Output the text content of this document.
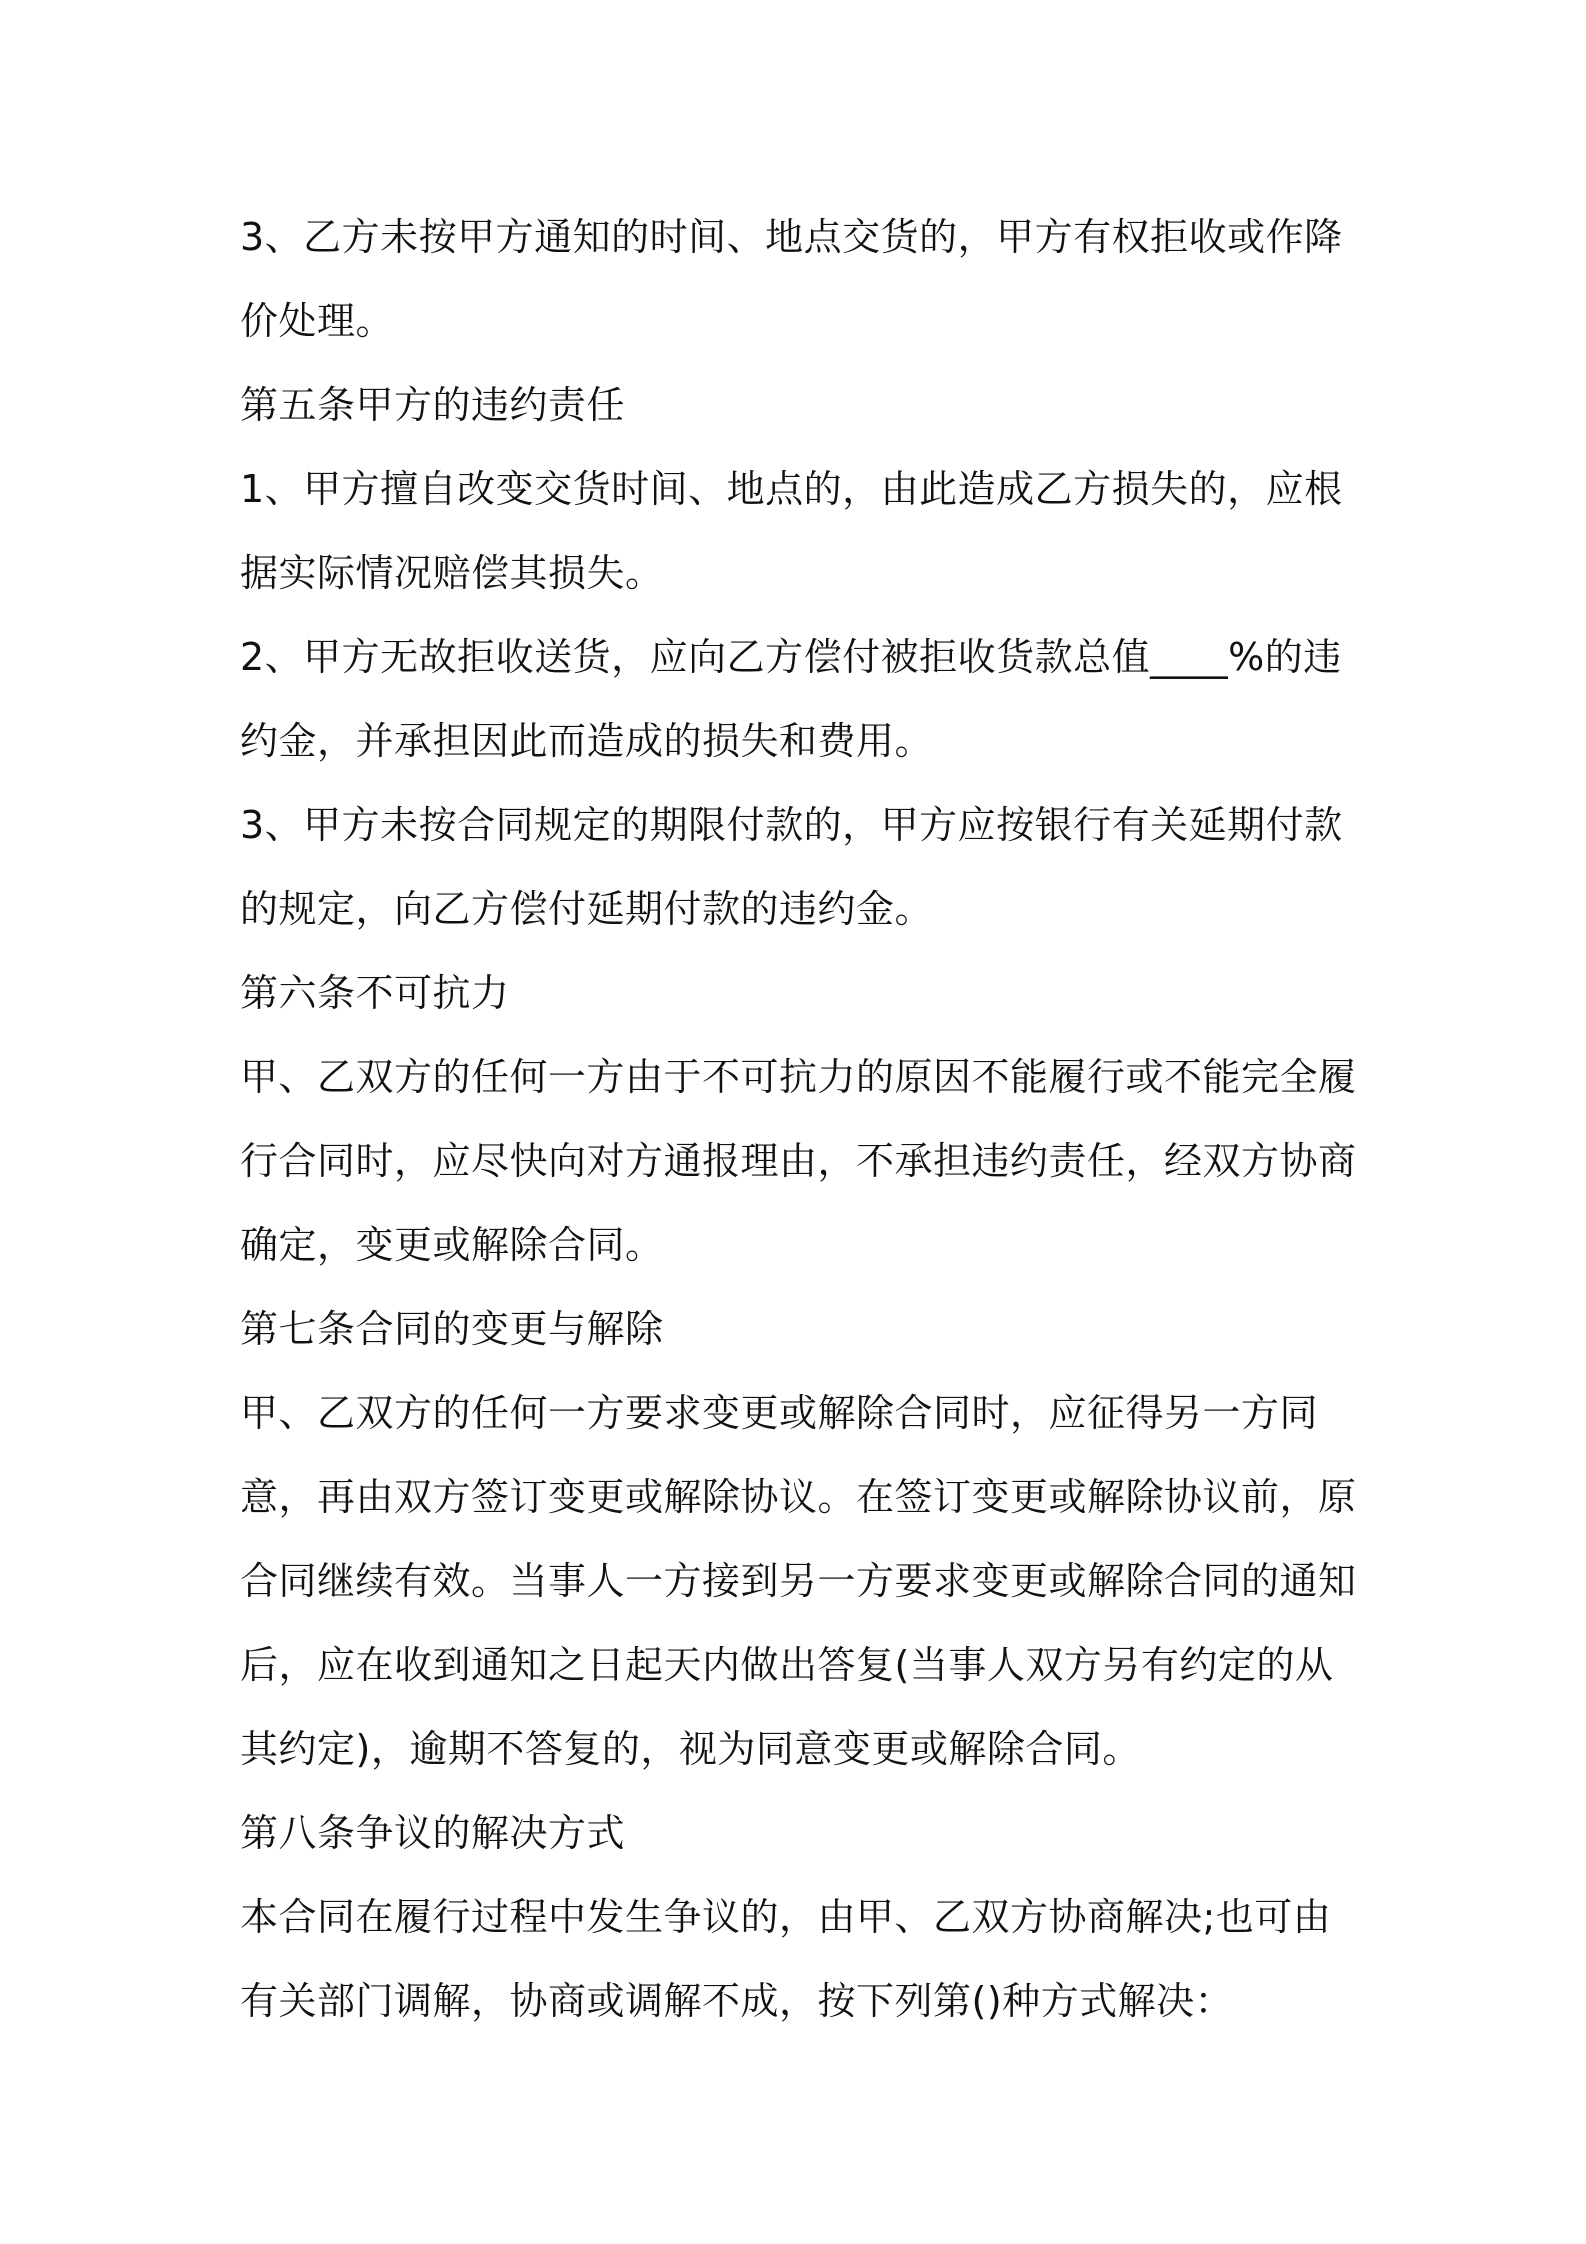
3、乙方未按甲方通知的时间、地点交货的，甲方有权拒收或作降价处理。

第五条甲方的违约责任

1、甲方擅自改变交货时间、地点的，由此造成乙方损失的，应根据实际情况赔偿其损失。

2、甲方无故拒收送货，应向乙方偿付被拒收货款总值____%的违约金，并承担因此而造成的损失和费用。

3、甲方未按合同规定的期限付款的，甲方应按银行有关延期付款的规定，向乙方偿付延期付款的违约金。

第六条不可抗力

甲、乙双方的任何一方由于不可抗力的原因不能履行或不能完全履行合同时，应尽快向对方通报理由，不承担违约责任，经双方协商确定，变更或解除合同。

第七条合同的变更与解除

甲、乙双方的任何一方要求变更或解除合同时，应征得另一方同意，再由双方签订变更或解除协议。在签订变更或解除协议前，原合同继续有效。当事人一方接到另一方要求变更或解除合同的通知后，应在收到通知之日起天内做出答复(当事人双方另有约定的从其约定)，逾期不答复的，视为同意变更或解除合同。

第八条争议的解决方式

本合同在履行过程中发生争议的，由甲、乙双方协商解决;也可由有关部门调解，协商或调解不成，按下列第()种方式解决：
